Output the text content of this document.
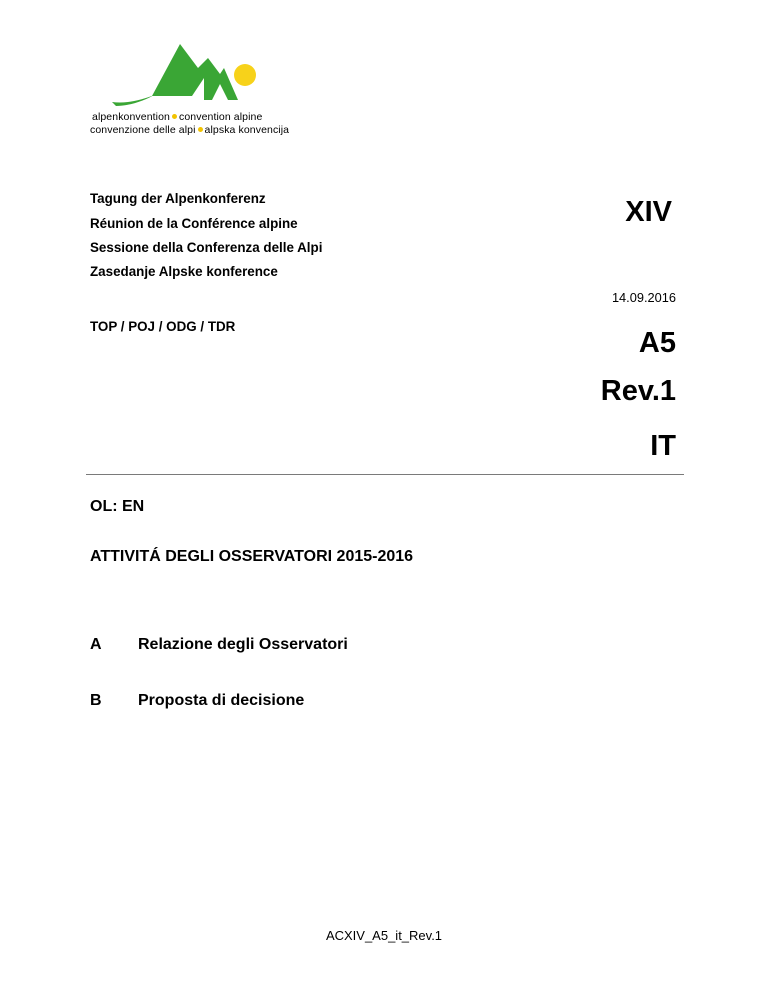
alpenkonvention convention alpine
convenzione delle alpi alpska konvencija
Tagung der Alpenkonferenz
Réunion de la Conférence alpine
Sessione della Conferenza delle Alpi
Zasedanje Alpske konference
XIV
14.09.2016
TOP / POJ / ODG / TDR
A5
Rev.1
IT
OL: EN
ATTIVITÁ DEGLI OSSERVATORI 2015-2016
A Relazione degli Osservatori
B Proposta di decisione
ACXIV_A5_it_Rev.1
